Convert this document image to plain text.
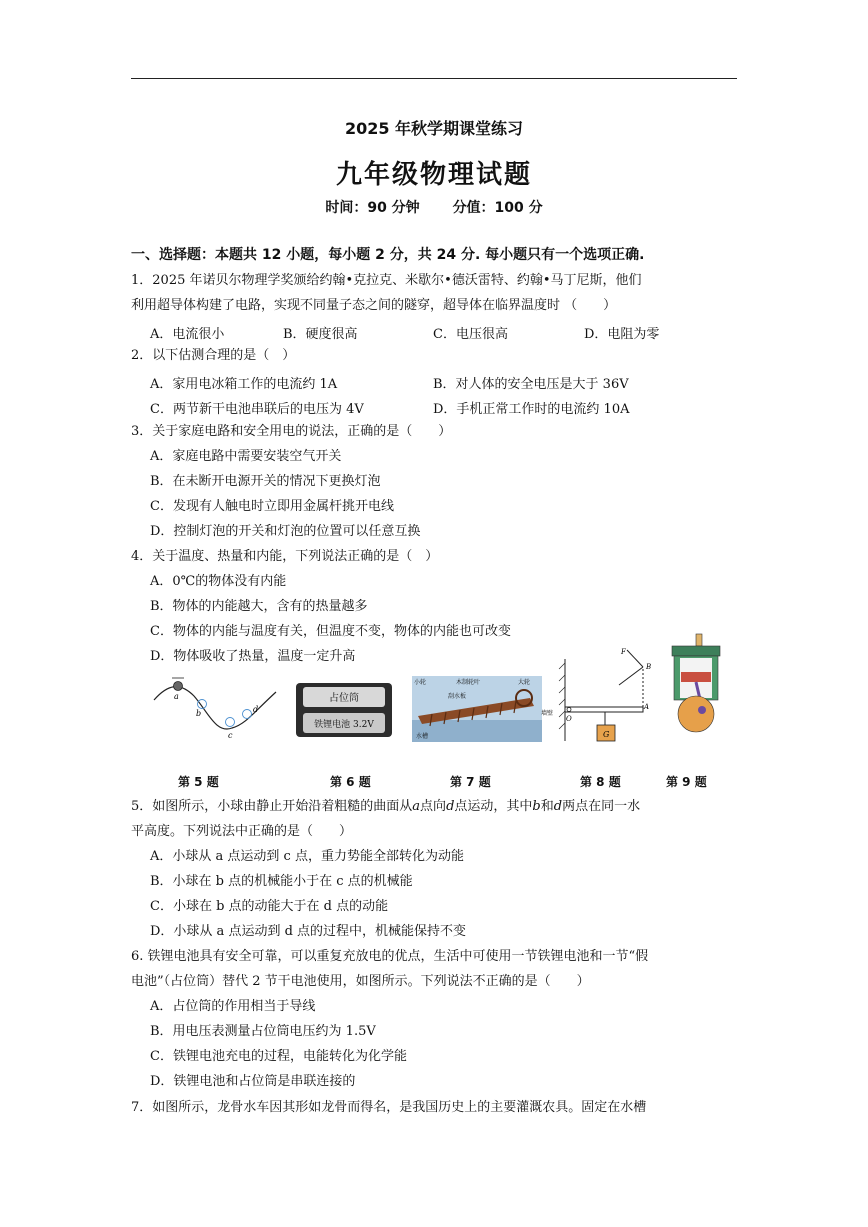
2025 年秋学期课堂练习
九年级物理试题
时间：90 分钟 分值：100 分
一、选择题：本题共 12 小题，每小题 2 分，共 24 分. 每小题只有一个选项正确.
1．2025 年诺贝尔物理学奖颁给约翰•克拉克、米歇尔•德沃雷特、约翰•马丁尼斯，他们
利用超导体构建了电路，实现不同量子态之间的隧穿，超导体在临界温度时 （　　）
A．电流很小	B．硬度很高	C．电压很高	D．电阻为零
2．以下估测合理的是（　）
A．家用电冰箱工作的电流约 1A	B．对人体的安全电压是大于 36V
C．两节新干电池串联后的电压为 4V	D．手机正常工作时的电流约 10A
3．关于家庭电路和安全用电的说法，正确的是（　　）
A．家庭电路中需要安装空气开关
B．在未断开电源开关的情况下更换灯泡
C．发现有人触电时立即用金属杆挑开电线
D．控制灯泡的开关和灯泡的位置可以任意互换
4．关于温度、热量和内能，下列说法正确的是（　）
A．0℃的物体没有内能
B．物体的内能越大，含有的热量越多
C．物体的内能与温度有关，但温度不变，物体的内能也可改变
D．物体吸收了热量，温度一定升高
a
b
c
d
占位筒
铁锂电池 3.2V
木制轮叶
小轮	大轮
刮水板
水槽	G
F
B
O
A
墙壁
第 5 题	第 6 题	第 7 题	第 8 题	第 9 题
5．如图所示，小球由静止开始沿着粗糙的曲面从a点向d点运动，其中b和d两点在同一水
平高度。下列说法中正确的是（　　）
A．小球从 a 点运动到 c 点，重力势能全部转化为动能
B．小球在 b 点的机械能小于在 c 点的机械能
C．小球在 b 点的动能大于在 d 点的动能
D．小球从 a 点运动到 d 点的过程中，机械能保持不变
6. 铁锂电池具有安全可靠，可以重复充放电的优点，生活中可使用一节铁锂电池和一节“假
电池”（占位筒）替代 2 节干电池使用，如图所示。下列说法不正确的是（　　）
A．占位筒的作用相当于导线
B．用电压表测量占位筒电压约为 1.5V
C．铁锂电池充电的过程，电能转化为化学能
D．铁锂电池和占位筒是串联连接的
7．如图所示，龙骨水车因其形如龙骨而得名，是我国历史上的主要灌溉农具。固定在水槽
